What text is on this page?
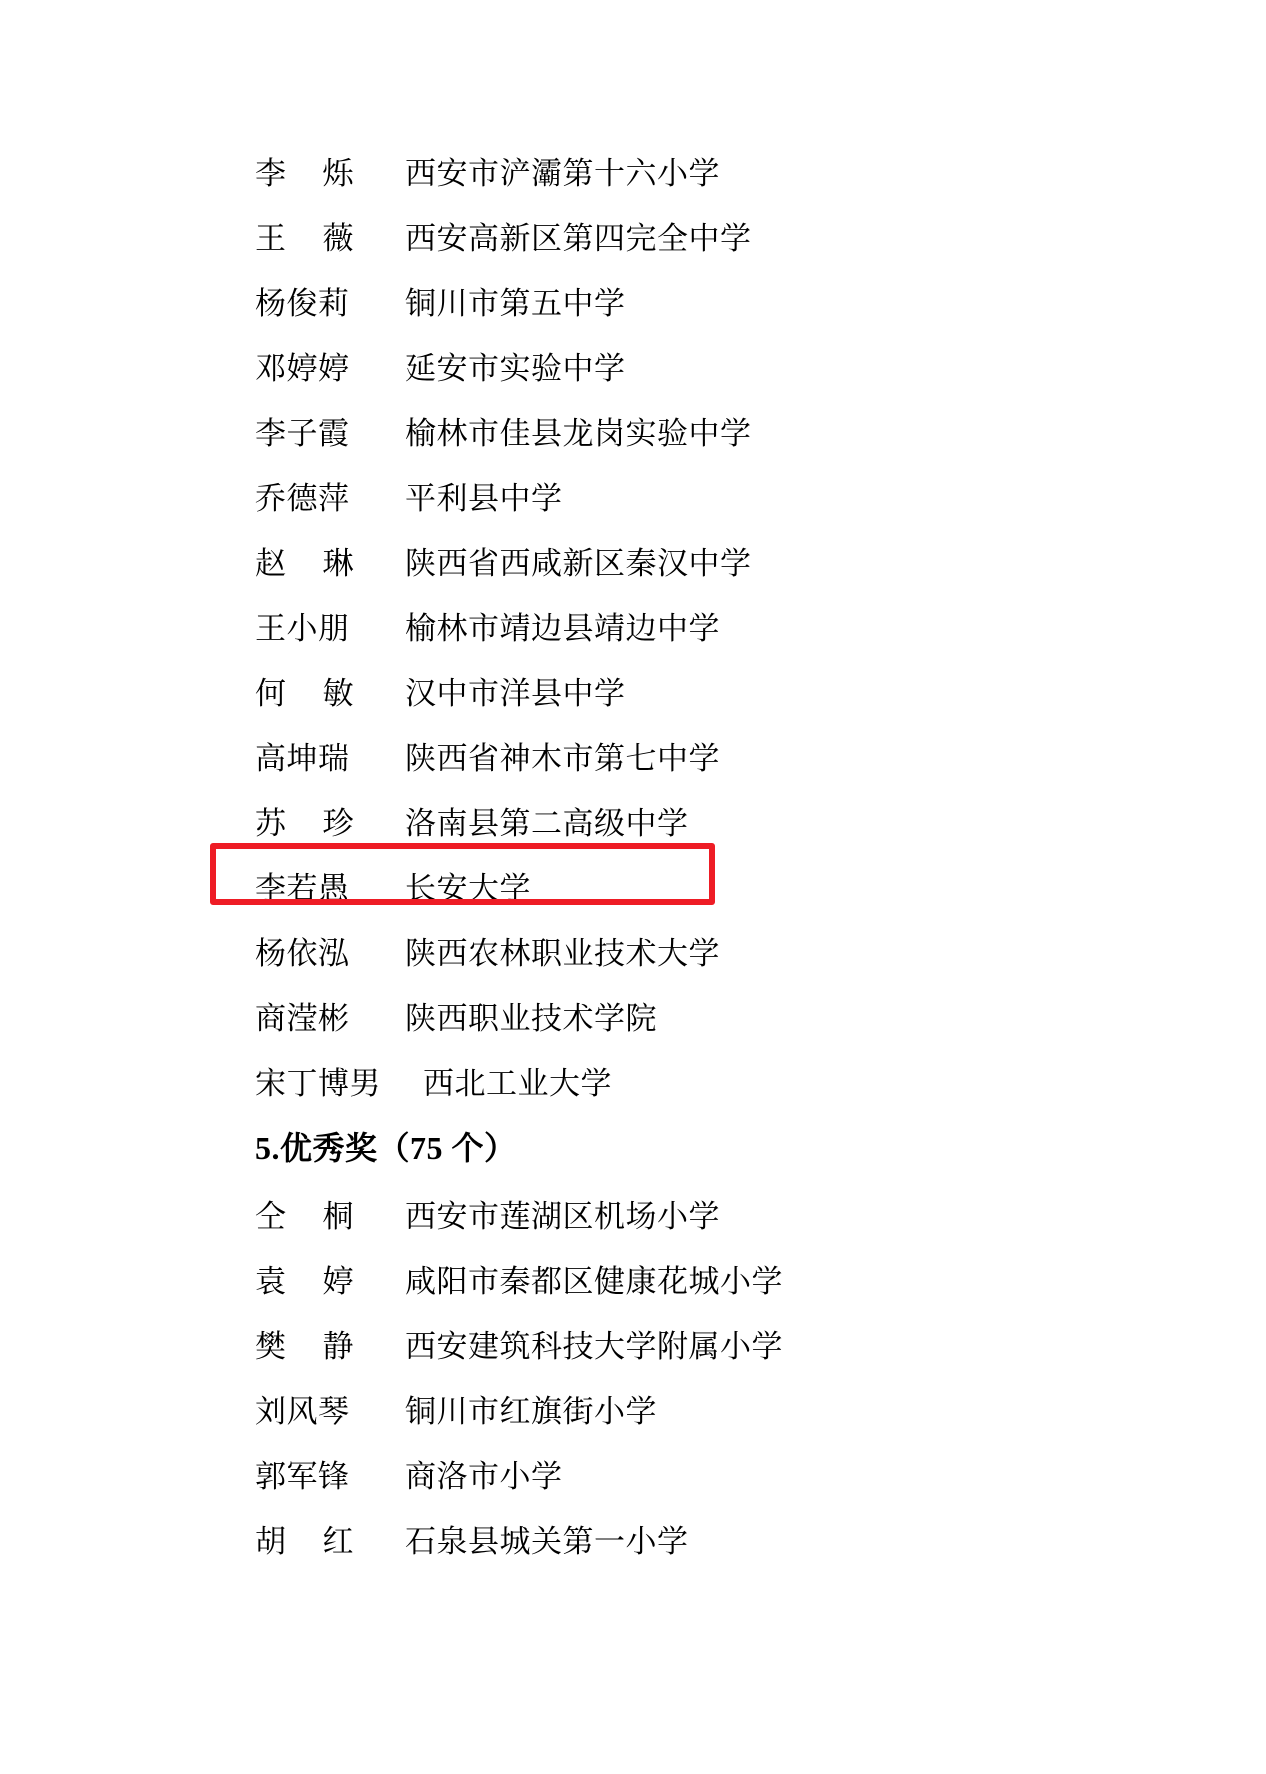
李 烁	西安市浐灞第十六小学
王 薇	西安高新区第四完全中学
杨俊莉	铜川市第五中学
邓婷婷	延安市实验中学
李子霞	榆林市佳县龙岗实验中学
乔德萍	平利县中学
赵 琳	陕西省西咸新区秦汉中学
王小朋	榆林市靖边县靖边中学
何 敏	汉中市洋县中学
高坤瑞	陕西省神木市第七中学
苏 珍	洛南县第二高级中学
李若愚	长安大学
杨依泓	陕西农林职业技术大学
商滢彬	陕西职业技术学院
宋丁博男	西北工业大学
5. 优秀奖 （75 个）
仝 桐	西安市莲湖区机场小学
袁 婷	咸阳市秦都区健康花城小学
樊 静	西安建筑科技大学附属小学
刘风琴	铜川市红旗街小学
郭军锋	商洛市小学
胡 红	石泉县城关第一小学
